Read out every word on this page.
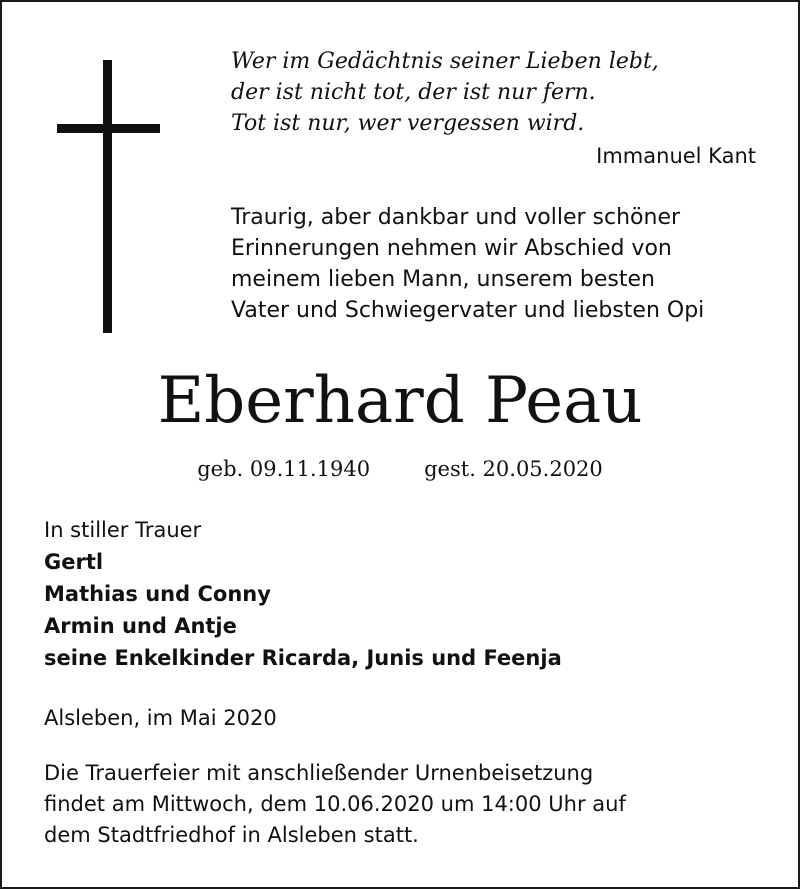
Wer im Gedächtnis seiner Lieben lebt,
der ist nicht tot, der ist nur fern.
Tot ist nur, wer vergessen wird.
Immanuel Kant
Traurig, aber dankbar und voller schöner
Erinnerungen nehmen wir Abschied von
meinem lieben Mann, unserem besten
Vater und Schwiegervater und liebsten Opi
Eberhard Peau
geb. 09.11.1940	gest. 20.05.2020
In stiller Trauer
Gertl
Mathias und Conny
Armin und Antje
seine Enkelkinder Ricarda, Junis und Feenja
Alsleben, im Mai 2020
Die Trauerfeier mit anschließender Urnenbeisetzung
findet am Mittwoch, dem 10.06.2020 um 14:00 Uhr auf
dem Stadtfriedhof in Alsleben statt.
